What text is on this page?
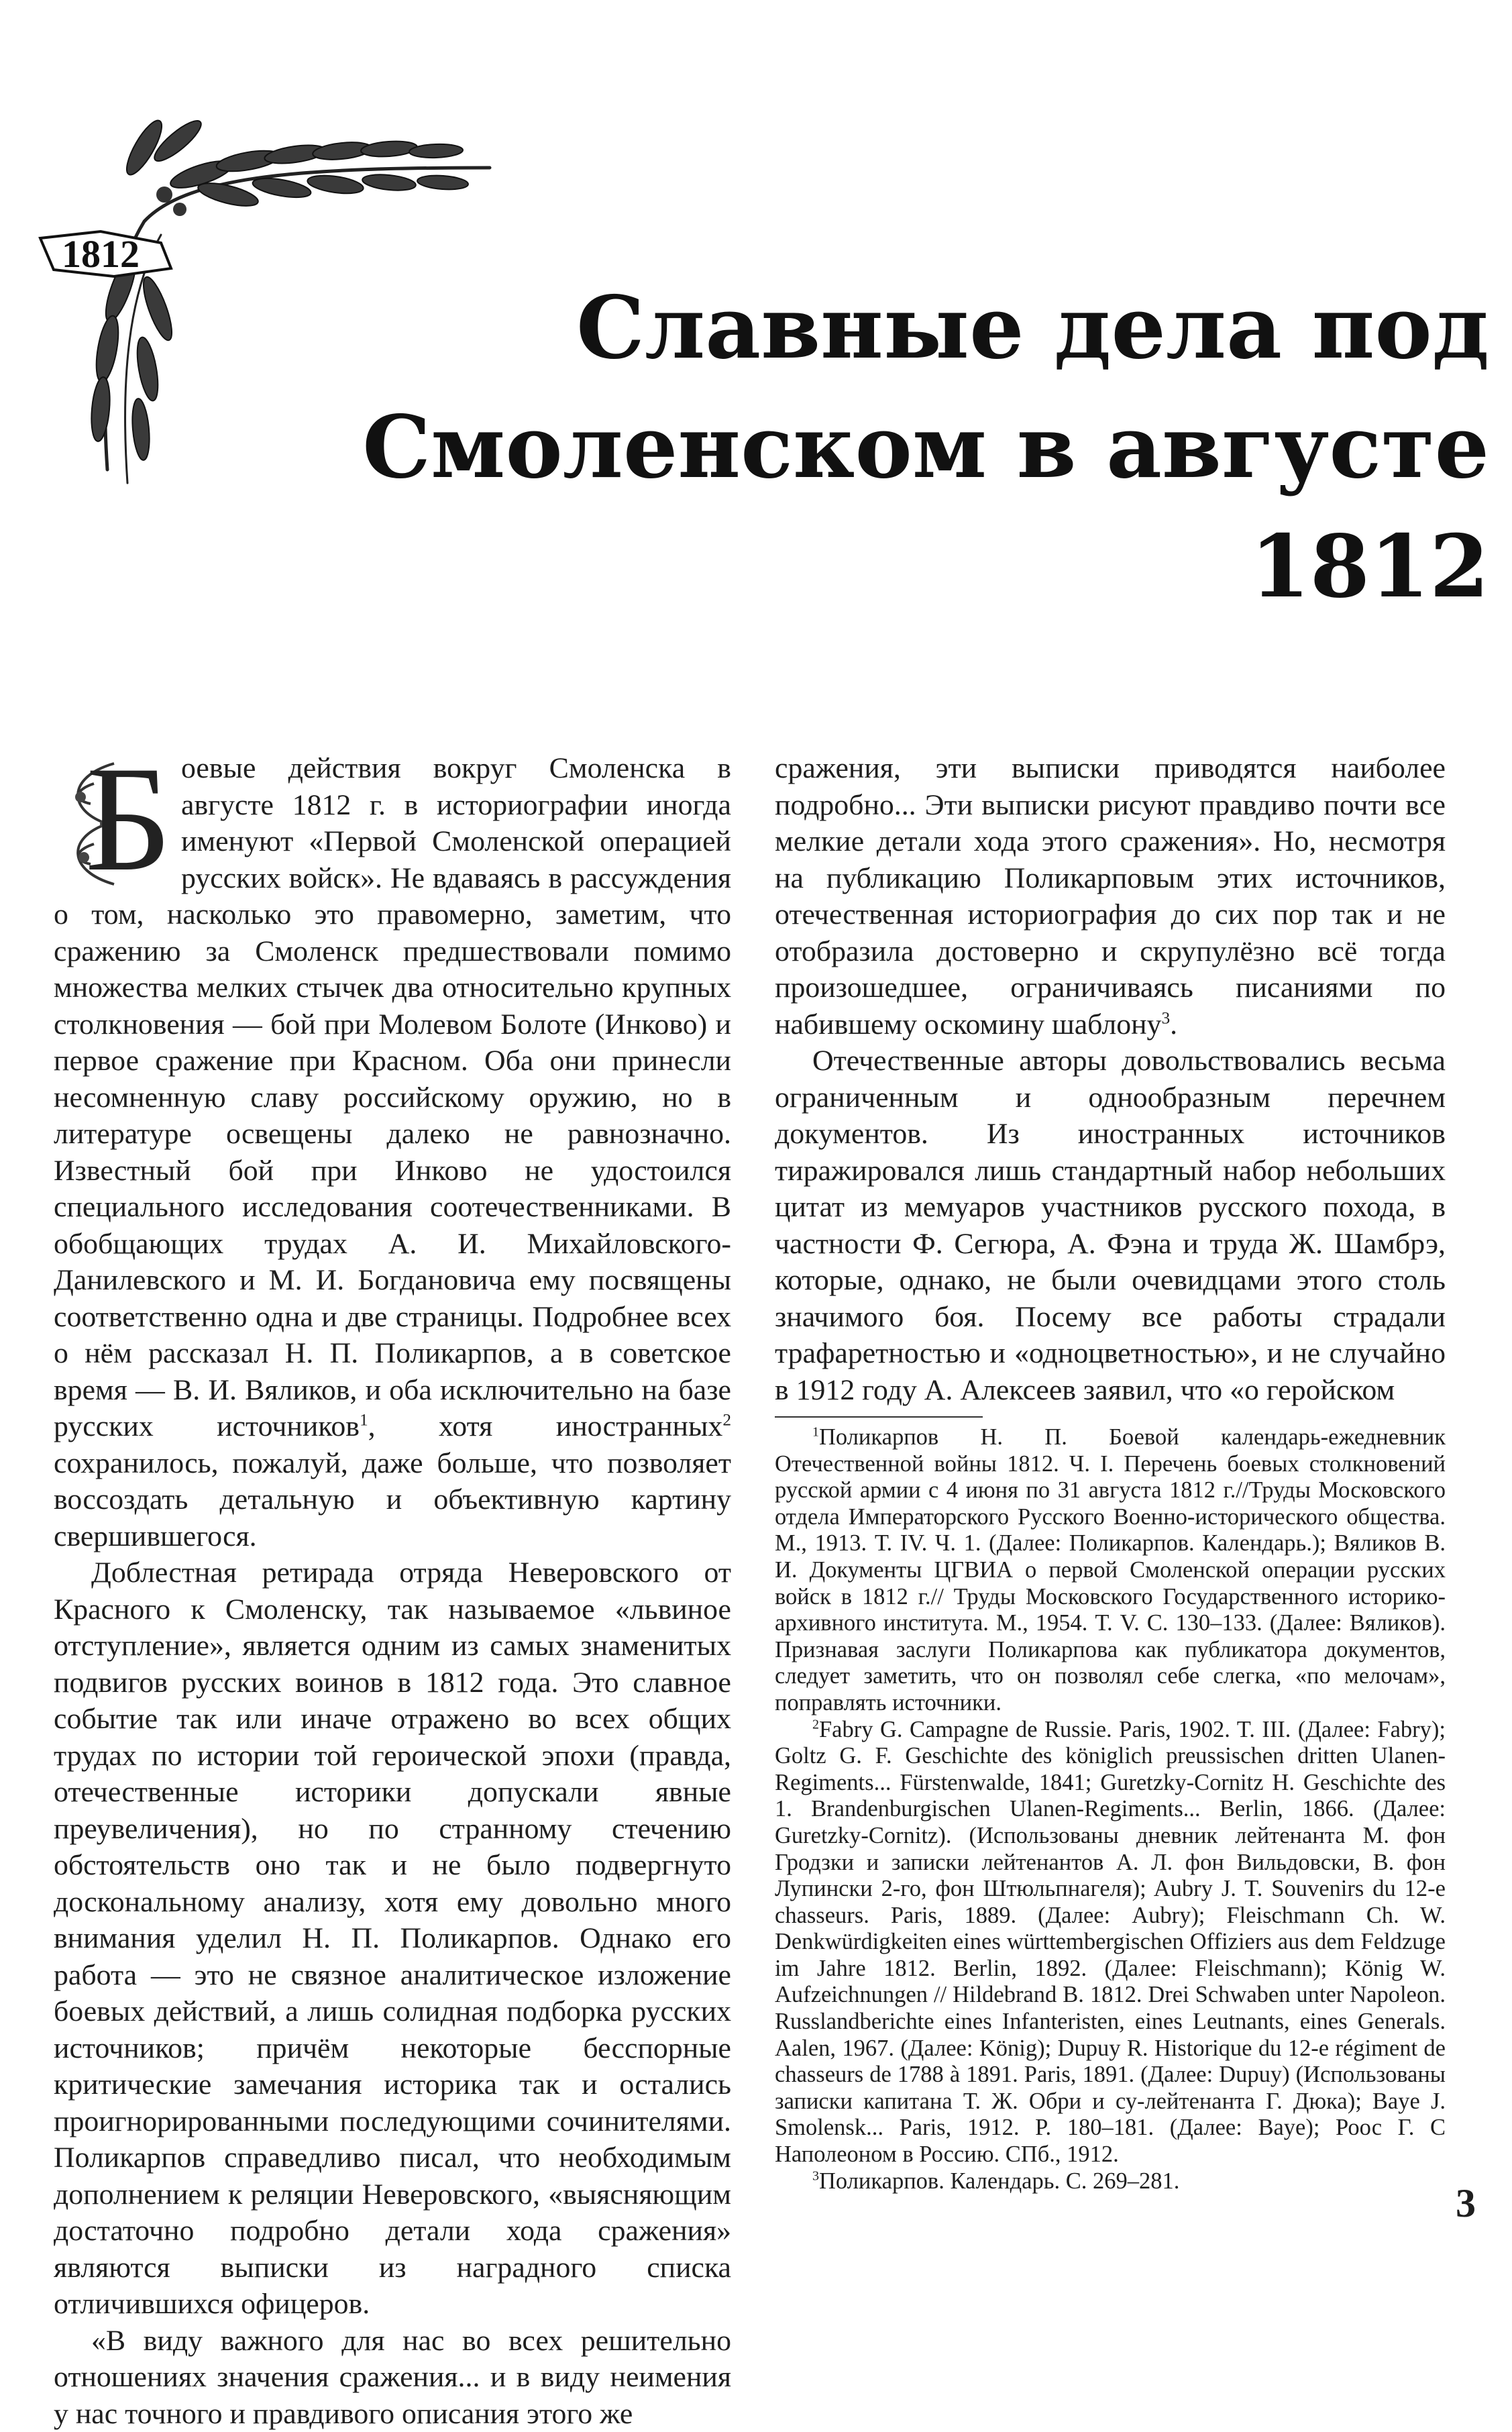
1812
Славные дела под
Смоленском в августе 1812
Б оевые действия вокруг Смоленска в августе 1812 г. в историографии иногда именуют «Первой Смоленской операцией русских войск». Не вдаваясь в рассуждения о том, насколько это правомерно, заметим, что сражению за Смоленск предшествовали помимо множества мелких стычек два относительно крупных столкновения — бой при Молевом Болоте (Инково) и первое сражение при Красном. Оба они принесли несомненную славу российскому оружию, но в литературе освещены далеко не равнозначно. Известный бой при Инково не удостоился специального исследования соотечественниками. В обобщающих трудах А. И. Михайловского-Данилевского и М. И. Богдановича ему посвящены соответственно одна и две страницы. Подробнее всех о нём рассказал Н. П. Поликарпов, а в советское время — В. И. Вяликов, и оба исключительно на базе русских источников$^1$, хотя иностранных$^2$ сохранилось, пожалуй, даже больше, что позволяет воссоздать детальную и объективную картину свершившегося.

Доблестная ретирада отряда Неверовского от Красного к Смоленску, так называемое «львиное отступление», является одним из самых знаменитых подвигов русских воинов в 1812 года. Это славное событие так или иначе отражено во всех общих трудах по истории той героической эпохи (правда, отечественные историки допускали явные преувеличения), но по странному стечению обстоятельств оно так и не было подвергнуто доскональному анализу, хотя ему довольно много внимания уделил Н. П. Поликарпов. Однако его работа — это не связное аналитическое изложение боевых действий, а лишь солидная подборка русских источников; причём некоторые бесспорные критические замечания историка так и остались проигнорированными последующими сочинителями. Поликарпов справедливо писал, что необходимым дополнением к реляции Неверовского, «выясняющим достаточно подробно детали хода сражения» являются выписки из наградного списка отличившихся офицеров.

«В виду важного для нас во всех решительно отношениях значения сражения... и в виду неимения у нас точного и правдивого описания этого же

сражения, эти выписки приводятся наиболее подробно... Эти выписки рисуют правдиво почти все мелкие детали хода этого сражения». Но, несмотря на публикацию Поликарповым этих источников, отечественная историография до сих пор так и не отобразила достоверно и скрупулёзно всё тогда произошедшее, ограничиваясь писаниями по набившему оскомину шаблону$^3$.

Отечественные авторы довольствовались весьма ограниченным и однообразным перечнем документов. Из иностранных источников тиражировался лишь стандартный набор небольших цитат из мемуаров участников русского похода, в частности Ф. Сегюра, А. Фэна и труда Ж. Шамбрэ, которые, однако, не были очевидцами этого столь значимого боя. Посему все работы страдали трафаретностью и «одноцветностью», и не случайно в 1912 году А. Алексеев заявил, что «о геройском

$^1$Поликарпов Н. П. Боевой календарь-ежедневник Отечественной войны 1812. Ч. I. Перечень боевых столкновений русской армии с 4 июня по 31 августа 1812 г.//Труды Московского отдела Императорского Русского Военно-исторического общества. М., 1913. Т. IV. Ч. 1. (Далее: Поликарпов. Календарь.); Вяликов В. И. Документы ЦГВИА о первой Смоленской операции русских войск в 1812 г.// Труды Московского Государственного историко-архивного института. М., 1954. Т. V. С. 130–133. (Далее: Вяликов). Признавая заслуги Поликарпова как публикатора документов, следует заметить, что он позволял себе слегка, «по мелочам», поправлять источники.

$^2$Fabry G. Campagne de Russie. Paris, 1902. T. III. (Далее: Fabry); Goltz G. F. Geschichte des königlich preussischen dritten Ulanen-Regiments... Fürstenwalde, 1841; Guretzky-Cornitz H. Geschichte des 1. Brandenburgischen Ulanen-Regiments... Berlin, 1866. (Далее: Guretzky-Cornitz). (Использованы дневник лейтенанта М. фон Гродзки и записки лейтенантов А. Л. фон Вильдовски, В. фон Лупински 2-го, фон Штюльпнагеля); Aubry J. T. Souvenirs du 12-e chasseurs. Paris, 1889. (Далее: Aubry); Fleischmann Ch. W. Denkwürdigkeiten eines württembergischen Offiziers aus dem Feldzuge im Jahre 1812. Berlin, 1892. (Далее: Fleischmann); König W. Aufzeichnungen // Hildebrand B. 1812. Drei Schwaben unter Napoleon. Russlandberichte eines Infanteristen, eines Leutnants, eines Generals. Aalen, 1967. (Далее: König); Dupuy R. Historique du 12-e régiment de chasseurs de 1788 à 1891. Paris, 1891. (Далее: Dupuy) (Использованы записки капитана Т. Ж. Обри и су-лейтенанта Г. Дюка); Baye J. Smolensk... Paris, 1912. P. 180–181. (Далее: Baye); Роос Г. С Наполеоном в Россию. СПб., 1912.

$^3$Поликарпов. Календарь. С. 269–281.

3
